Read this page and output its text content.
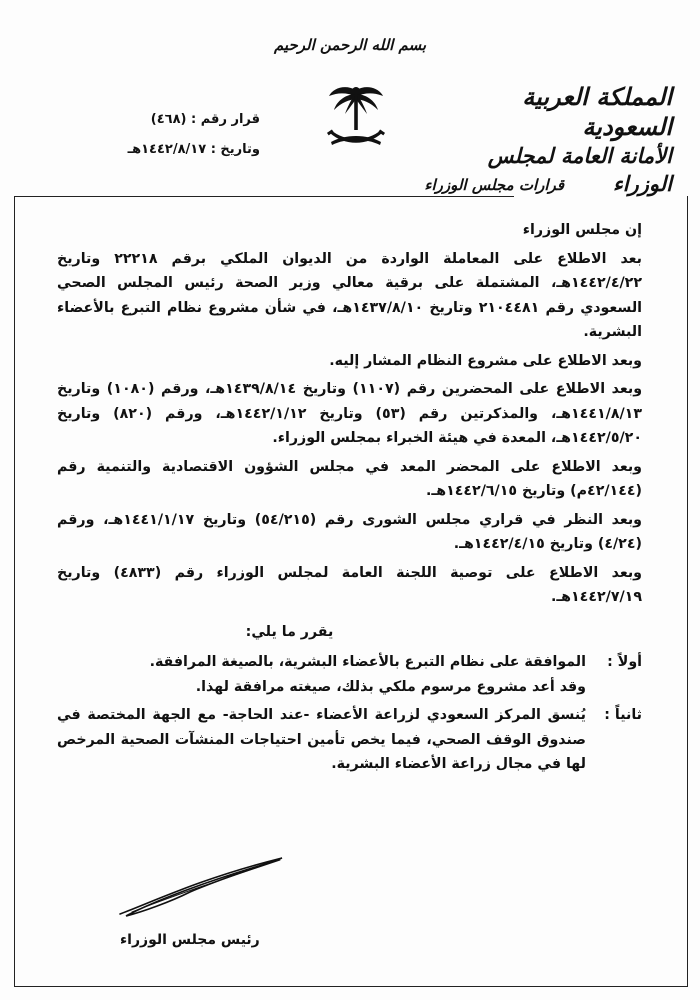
بسم الله الرحمن الرحيم
المملكة العربية السعودية
الأمانة العامة لمجلس الوزراء
قرار رقم : (٤٦٨)
وتاريخ : ١٤٤٢/٨/١٧هـ
قرارات مجلس الوزراء

إن مجلس الوزراء

بعد الاطلاع على المعاملة الواردة من الديوان الملكي برقم ٢٢٢١٨ وتاريخ ١٤٤٢/٤/٢٢هـ، المشتملة على برقية معالي وزير الصحة رئيس المجلس الصحي السعودي رقم ٢١٠٤٤٨١ وتاريخ ١٤٣٧/٨/١٠هـ، في شأن مشروع نظام التبرع بالأعضاء البشرية.

وبعد الاطلاع على مشروع النظام المشار إليه.

وبعد الاطلاع على المحضرين رقم (١١٠٧) وتاريخ ١٤٣٩/٨/١٤هـ، ورقم (١٠٨٠) وتاريخ ١٤٤١/٨/١٣هـ، والمذكرتين رقم (٥٣) وتاريخ ١٤٤٢/١/١٢هـ، ورقم (٨٢٠) وتاريخ ١٤٤٢/٥/٢٠هـ، المعدة في هيئة الخبراء بمجلس الوزراء.

وبعد الاطلاع على المحضر المعد في مجلس الشؤون الاقتصادية والتنمية رقم (٤٢/١٤٤م) وتاريخ ١٤٤٢/٦/١٥هـ.

وبعد النظر في قراري مجلس الشورى رقم (٥٤/٢١٥) وتاريخ ١٤٤١/١/١٧هـ، ورقم (٤/٢٤) وتاريخ ١٤٤٢/٤/١٥هـ.

وبعد الاطلاع على توصية اللجنة العامة لمجلس الوزراء رقم (٤٨٣٣) وتاريخ ١٤٤٢/٧/١٩هـ.

يقرر ما يلي:

أولاً :
الموافقة على نظام التبرع بالأعضاء البشرية، بالصيغة المرافقة.

وقد أعد مشروع مرسوم ملكي بذلك، صيغته مرافقة لهذا.

ثانياً :
يُنسق المركز السعودي لزراعة الأعضاء -عند الحاجة- مع الجهة المختصة في صندوق الوقف الصحي، فيما يخص تأمين احتياجات المنشآت الصحية المرخص لها في مجال زراعة الأعضاء البشرية.
رئيس مجلس الوزراء
